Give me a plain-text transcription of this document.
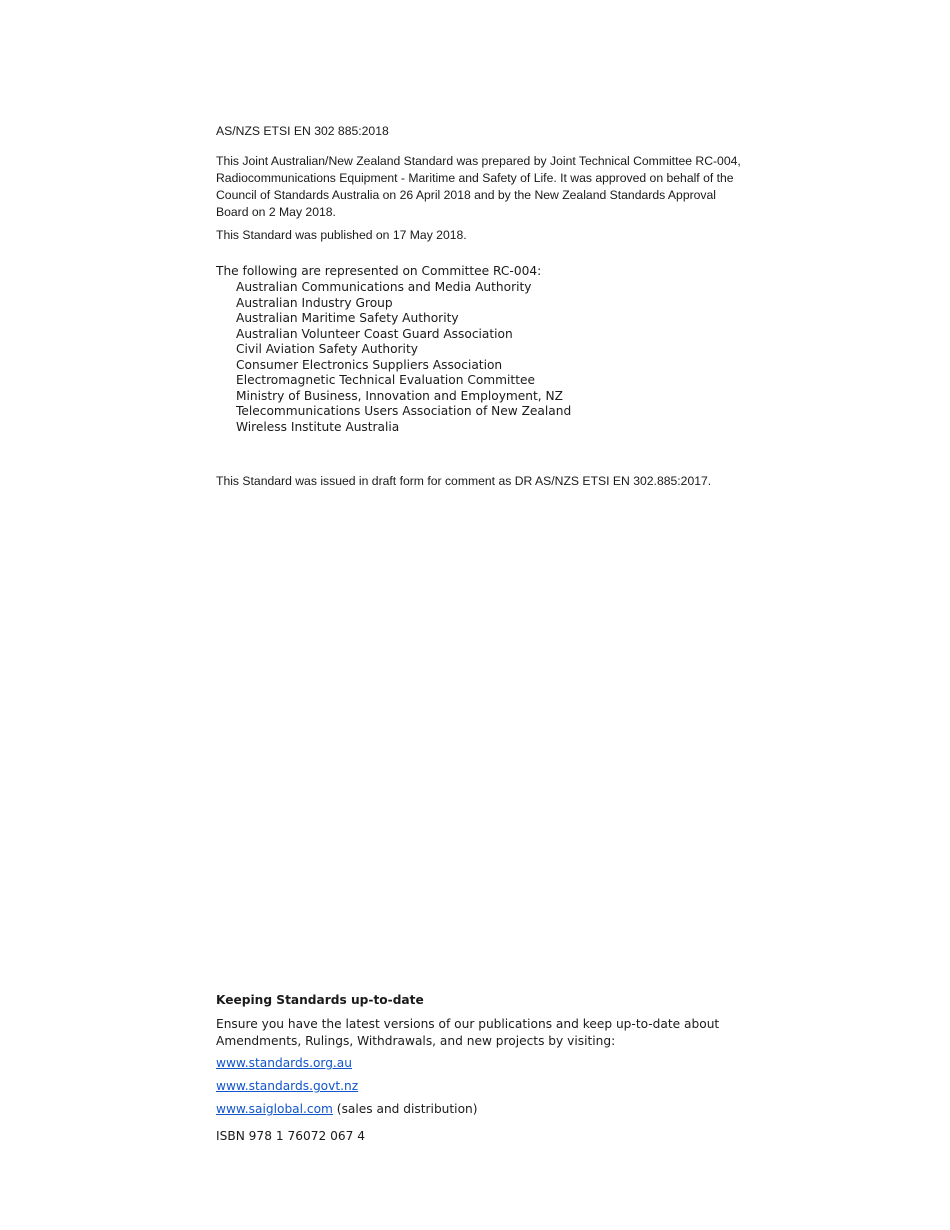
AS/NZS ETSI EN 302 885:2018

This Joint Australian/New Zealand Standard was prepared by Joint Technical Committee RC-004, Radiocommunications Equipment - Maritime and Safety of Life. It was approved on behalf of the Council of Standards Australia on 26 April 2018 and by the New Zealand Standards Approval Board on 2 May 2018.

This Standard was published on 17 May 2018.

The following are represented on Committee RC-004:

Australian Communications and Media Authority
Australian Industry Group
Australian Maritime Safety Authority
Australian Volunteer Coast Guard Association
Civil Aviation Safety Authority
Consumer Electronics Suppliers Association
Electromagnetic Technical Evaluation Committee
Ministry of Business, Innovation and Employment, NZ
Telecommunications Users Association of New Zealand
Wireless Institute Australia

This Standard was issued in draft form for comment as DR AS/NZS ETSI EN 302.885:2017.

Keeping Standards up-to-date

Ensure you have the latest versions of our publications and keep up-to-date about Amendments, Rulings, Withdrawals, and new projects by visiting:

www.standards.org.au

www.standards.govt.nz

www.saiglobal.com (sales and distribution)

ISBN 978 1 76072 067 4
